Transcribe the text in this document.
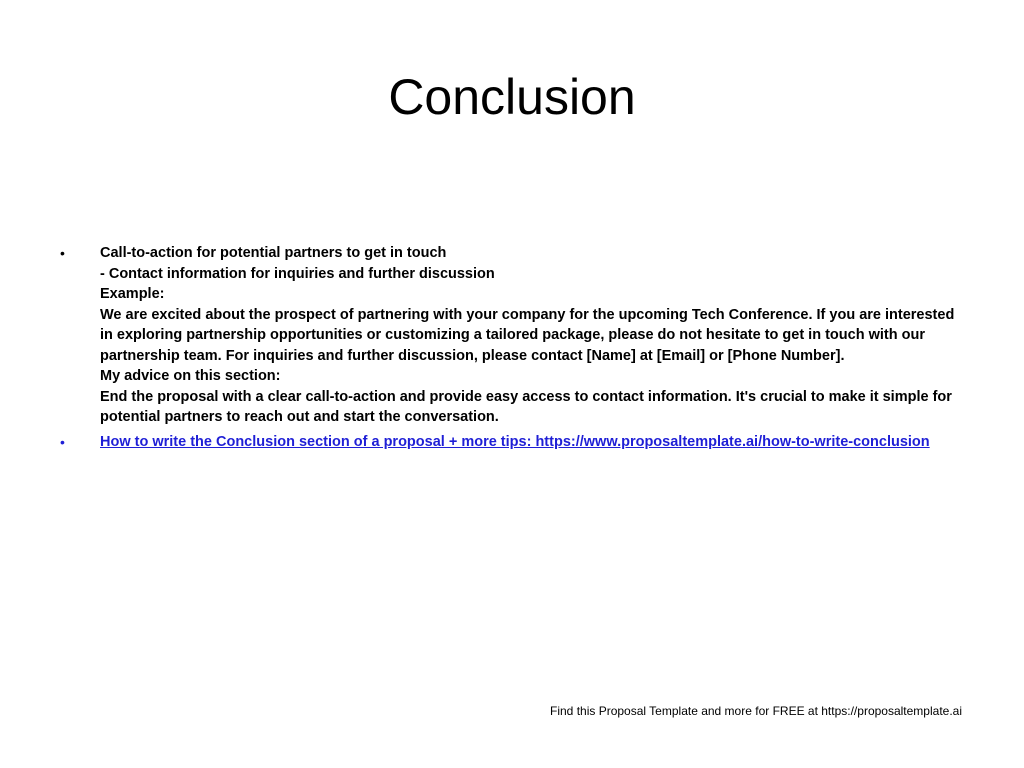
Conclusion
• Call-to-action for potential partners to get in touch
- Contact information for inquiries and further discussion
Example:
We are excited about the prospect of partnering with your company for the upcoming Tech Conference. If you are interested in exploring partnership opportunities or customizing a tailored package, please do not hesitate to get in touch with our partnership team. For inquiries and further discussion, please contact [Name] at [Email] or [Phone Number].
My advice on this section:
End the proposal with a clear call-to-action and provide easy access to contact information. It's crucial to make it simple for potential partners to reach out and start the conversation.
• How to write the Conclusion section of a proposal + more tips: https://www.proposaltemplate.ai/how-to-write-conclusion
Find this Proposal Template and more for FREE at https://proposaltemplate.ai
